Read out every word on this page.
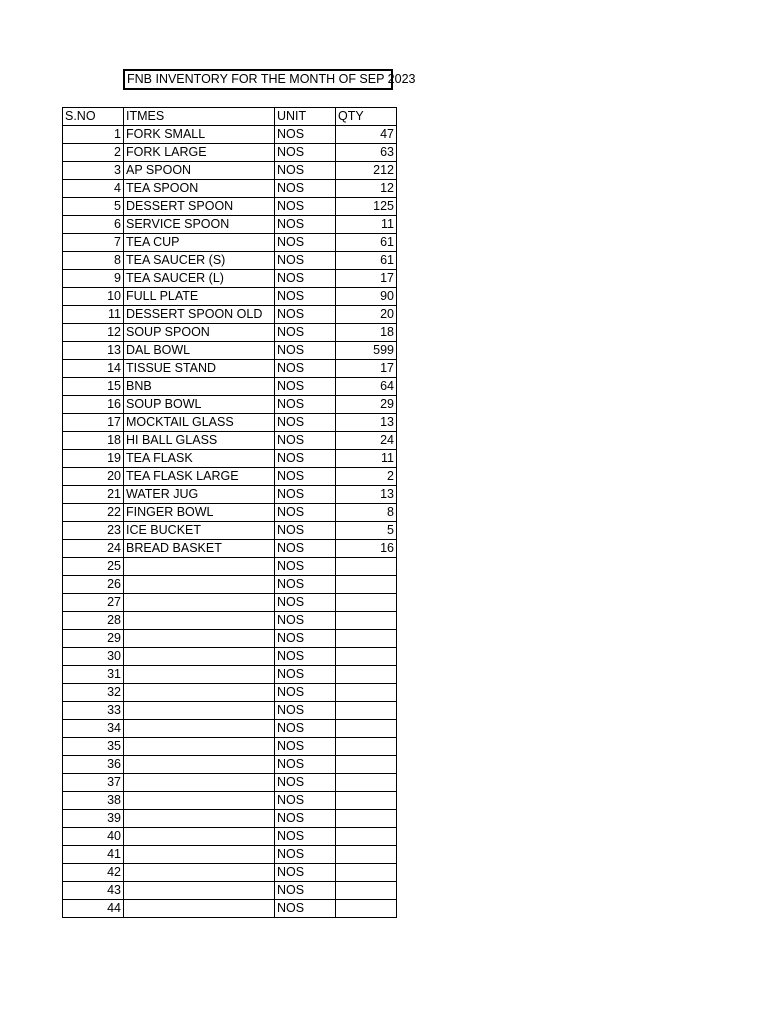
FNB INVENTORY FOR THE MONTH OF SEP 2023
S.NO	ITMES	UNIT	QTY
1	FORK SMALL	NOS	47
2	FORK LARGE	NOS	63
3	AP SPOON	NOS	212
4	TEA SPOON	NOS	12
5	DESSERT SPOON	NOS	125
6	SERVICE SPOON	NOS	11
7	TEA CUP	NOS	61
8	TEA SAUCER (S)	NOS	61
9	TEA SAUCER (L)	NOS	17
10	FULL PLATE	NOS	90
11	DESSERT SPOON OLD	NOS	20
12	SOUP SPOON	NOS	18
13	DAL BOWL	NOS	599
14	TISSUE STAND	NOS	17
15	BNB	NOS	64
16	SOUP BOWL	NOS	29
17	MOCKTAIL GLASS	NOS	13
18	HI BALL GLASS	NOS	24
19	TEA FLASK	NOS	11
20	TEA FLASK LARGE	NOS	2
21	WATER JUG	NOS	13
22	FINGER BOWL	NOS	8
23	ICE BUCKET	NOS	5
24	BREAD BASKET	NOS	16
25		NOS	
26		NOS	
27		NOS	
28		NOS	
29		NOS	
30		NOS	
31		NOS	
32		NOS	
33		NOS	
34		NOS	
35		NOS	
36		NOS	
37		NOS	
38		NOS	
39		NOS	
40		NOS	
41		NOS	
42		NOS	
43		NOS	
44		NOS	
